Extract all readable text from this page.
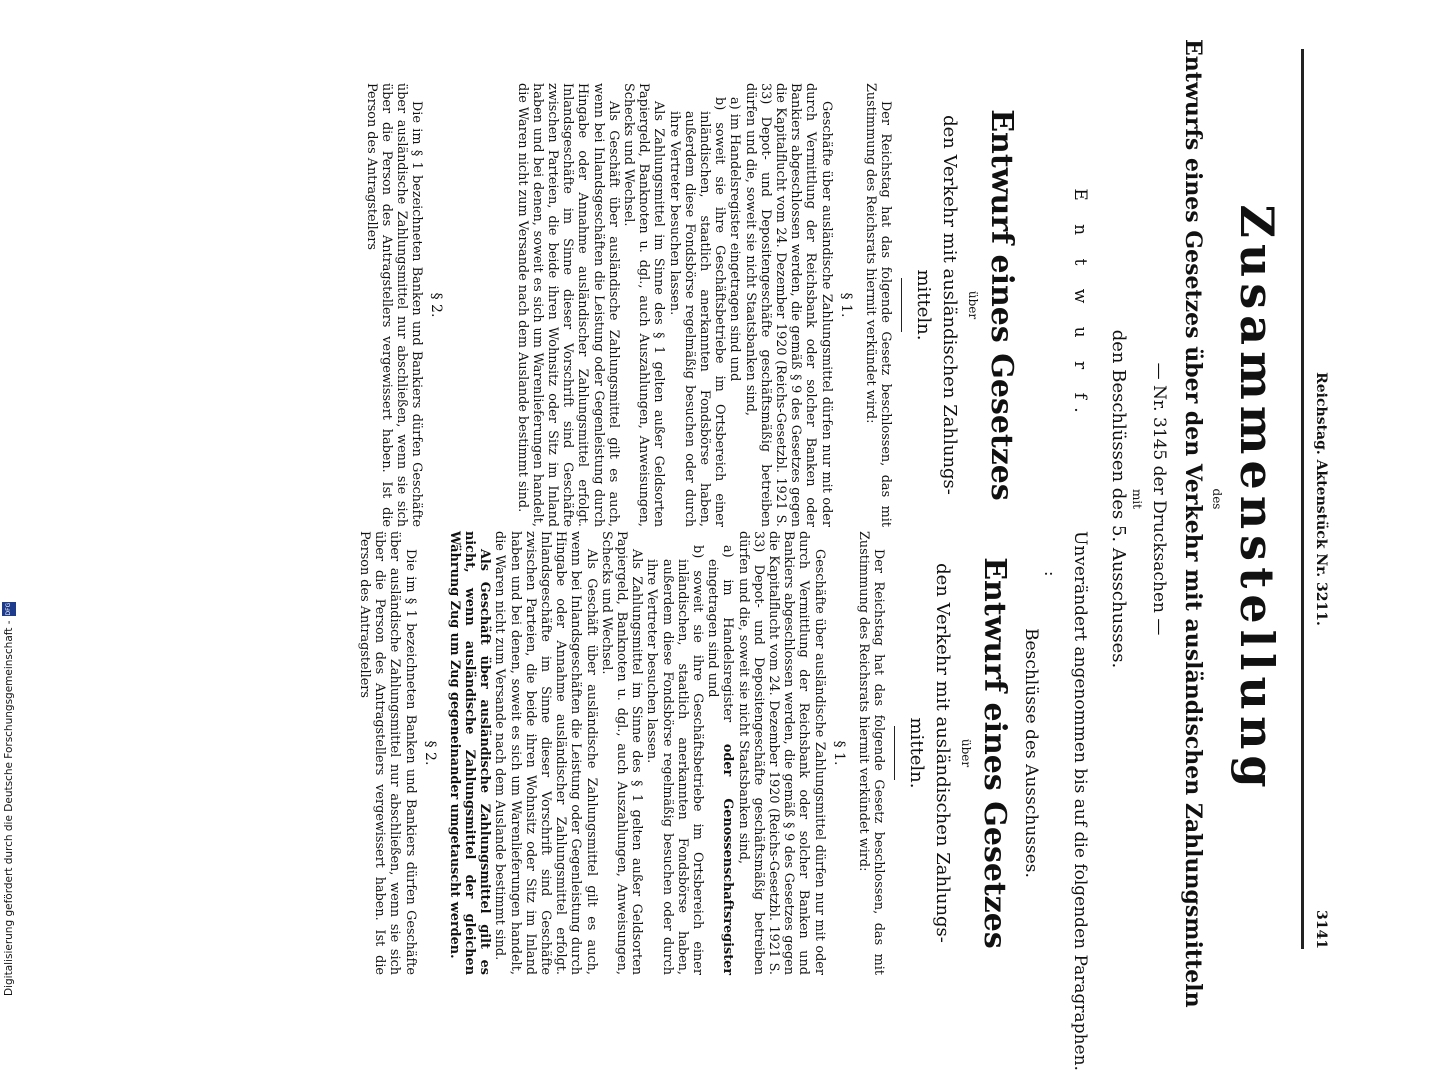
Digitalisierung gefördert durch die Deutsche Forschungsgemeinschaft -
DFG	Reichstag. Aktenstück Nr. 3211.
3141
Zusammenstellung
des
Entwurfs eines Gesetzes über den Verkehr mit ausländischen Zahlungsmitteln
— Nr. 3145 der Drucksachen —
mit
den Beschlüssen des 5. Ausschusses.
E n t w u r f.
Entwurf eines Gesetzes
über
den Verkehr mit ausländischen Zahlungs-mitteln.

Der Reichstag hat das folgende Gesetz beschlossen, das mit Zustimmung des Reichsrats hiermit verkündet wird:

§ 1.

Geschäfte über ausländische Zahlungsmittel dürfen nur mit oder durch Vermittlung der Reichsbank oder solcher Banken oder Bankiers abgeschlossen werden, die gemäß § 9 des Gesetzes gegen die Kapitalflucht vom 24. Dezember 1920 (Reichs-Gesetzbl. 1921 S. 33) Depot- und Depositengeschäfte geschäftsmäßig betreiben dürfen und die, soweit sie nicht Staatsbanken sind,

a) im Handelsregister eingetragen sind und

b) soweit sie ihre Geschäftsbetriebe im Ortsbereich einer inländischen, staatlich anerkannten Fondsbörse haben, außerdem diese Fondsbörse regelmäßig besuchen oder durch ihre Vertreter besuchen lassen.

Als Zahlungsmittel im Sinne des § 1 gelten außer Geldsorten Papiergeld, Banknoten u. dgl., auch Auszahlungen, Anweisungen, Schecks und Wechsel.

Als Geschäft über ausländische Zahlungsmittel gilt es auch, wenn bei Inlandsgeschäften die Leistung oder Gegenleistung durch Hingabe oder Annahme ausländischer Zahlungsmittel erfolgt. Inlandsgeschäfte im Sinne dieser Vorschrift sind Geschäfte zwischen Parteien, die beide ihren Wohnsitz oder Sitz im Inland haben und bei denen, soweit es sich um Warenlieferungen handelt, die Waren nicht zum Versande nach dem Auslande bestimmt sind.

§ 2.

Die im § 1 bezeichneten Banken und Bankiers dürfen Geschäfte über ausländische Zahlungsmittel nur abschließen, wenn sie sich über die Person des Antragstellers vergewissert haben. Ist die Person des Antragstellers

Unverändert angenommen bis auf die folgenden Paragraphen.
:
Beschlüsse des Ausschusses.
Entwurf eines Gesetzes
über
den Verkehr mit ausländischen Zahlungs-mitteln.

Der Reichstag hat das folgende Gesetz beschlossen, das mit Zustimmung des Reichsrats hiermit verkündet wird:

§ 1.

Geschäfte über ausländische Zahlungsmittel dürfen nur mit oder durch Vermittlung der Reichsbank oder solcher Banken und Bankiers abgeschlossen werden, die gemäß § 9 des Gesetzes gegen die Kapitalflucht vom 24. Dezember 1920 (Reichs-Gesetzbl. 1921 S. 33) Depot- und Depositengeschäfte geschäftsmäßig betreiben dürfen und die, soweit sie nicht Staatsbanken sind,

a) im Handelsregister oder Genossenschaftsregister eingetragen sind und

b) soweit sie ihre Geschäftsbetriebe im Ortsbereich einer inländischen, staatlich anerkannten Fondsbörse haben, außerdem diese Fondsbörse regelmäßig besuchen oder durch ihre Vertreter besuchen lassen.

Als Zahlungsmittel im Sinne des § 1 gelten außer Geldsorten Papiergeld, Banknoten u. dgl., auch Auszahlungen, Anweisungen, Schecks und Wechsel.

Als Geschäft über ausländische Zahlungsmittel gilt es auch, wenn bei Inlandsgeschäften die Leistung oder Gegenleistung durch Hingabe oder Annahme ausländischer Zahlungsmittel erfolgt. Inlandsgeschäfte im Sinne dieser Vorschrift sind Geschäfte zwischen Parteien, die beide ihren Wohnsitz oder Sitz im Inland haben und bei denen, soweit es sich um Warenlieferungen handelt, die Waren nicht zum Versande nach dem Auslande bestimmt sind.

Als Geschäft über ausländische Zahlungsmittel gilt es nicht, wenn ausländische Zahlungsmittel der gleichen Währung Zug um Zug gegeneinander umgetauscht werden.

§ 2.

Die im § 1 bezeichneten Banken und Bankiers dürfen Geschäfte über ausländische Zahlungsmittel nur abschließen, wenn sie sich über die Person des Antragstellers vergewissert haben. Ist die Person des Antragstellers
